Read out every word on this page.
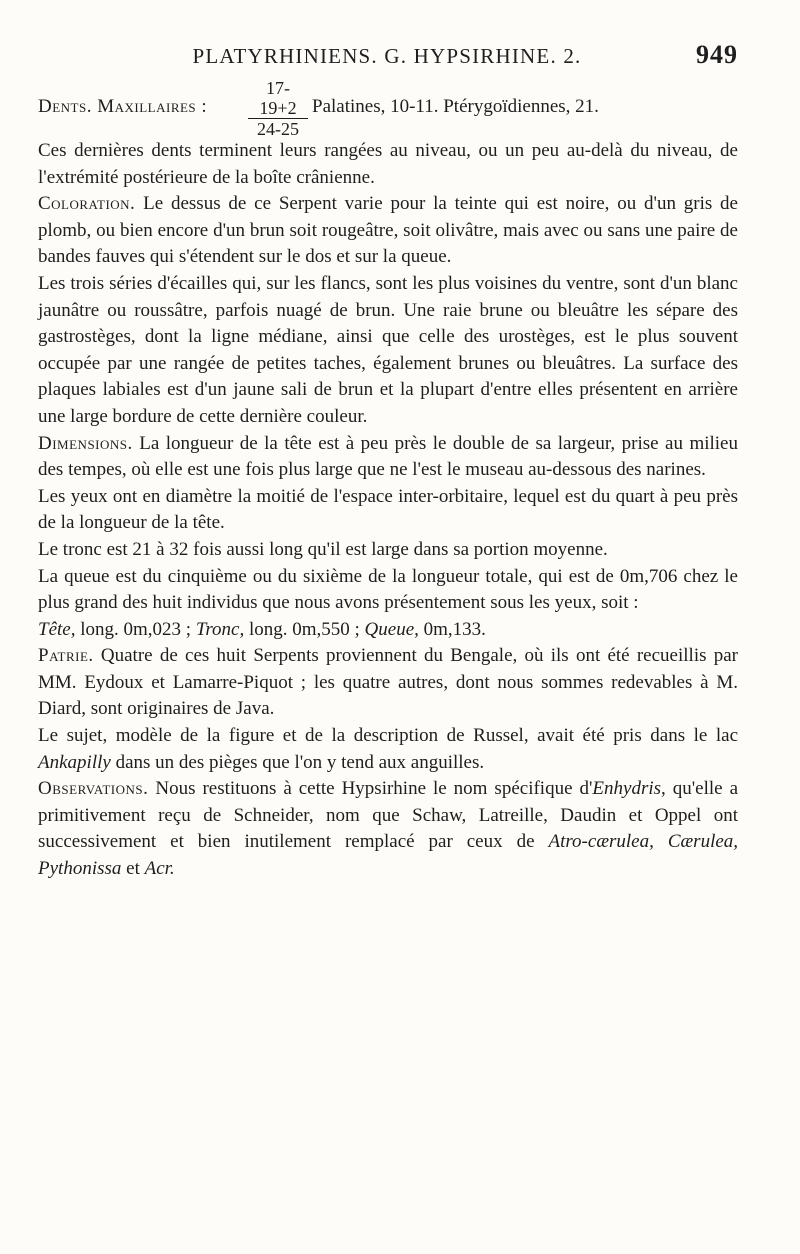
PLATYRHINIENS. G. HYPSIRHINE. 2.	949
Dents. Maxillaires : $\frac{17-19+2}{24-25}$ Palatines, 10-11. Ptérygoïdiennes, 21.

Ces dernières dents terminent leurs rangées au niveau, ou un peu au-delà du niveau, de l'extrémité postérieure de la boîte crânienne.

Coloration. Le dessus de ce Serpent varie pour la teinte qui est noire, ou d'un gris de plomb, ou bien encore d'un brun soit rougeâtre, soit olivâtre, mais avec ou sans une paire de bandes fauves qui s'étendent sur le dos et sur la queue.

Les trois séries d'écailles qui, sur les flancs, sont les plus voisines du ventre, sont d'un blanc jaunâtre ou roussâtre, parfois nuagé de brun. Une raie brune ou bleuâtre les sépare des gastrostèges, dont la ligne médiane, ainsi que celle des urostèges, est le plus souvent occupée par une rangée de petites taches, également brunes ou bleuâtres. La surface des plaques labiales est d'un jaune sali de brun et la plupart d'entre elles présentent en arrière une large bordure de cette dernière couleur.

Dimensions. La longueur de la tête est à peu près le double de sa largeur, prise au milieu des tempes, où elle est une fois plus large que ne l'est le museau au-dessous des narines.

Les yeux ont en diamètre la moitié de l'espace inter-orbitaire, lequel est du quart à peu près de la longueur de la tête.

Le tronc est 21 à 32 fois aussi long qu'il est large dans sa portion moyenne.

La queue est du cinquième ou du sixième de la longueur totale, qui est de 0m,706 chez le plus grand des huit individus que nous avons présentement sous les yeux, soit :

Tête, long. 0m,023 ; Tronc, long. 0m,550 ; Queue, 0m,133.

Patrie. Quatre de ces huit Serpents proviennent du Bengale, où ils ont été recueillis par MM. Eydoux et Lamarre-Piquot ; les quatre autres, dont nous sommes redevables à M. Diard, sont originaires de Java.

Le sujet, modèle de la figure et de la description de Russel, avait été pris dans le lac Ankapilly dans un des pièges que l'on y tend aux anguilles.

Observations. Nous restituons à cette Hypsirhine le nom spécifique d'Enhydris, qu'elle a primitivement reçu de Schneider, nom que Schaw, Latreille, Daudin et Oppel ont successivement et bien inutilement remplacé par ceux de Atro-cærulea, Cærulea, Pythonissa et Acr.
